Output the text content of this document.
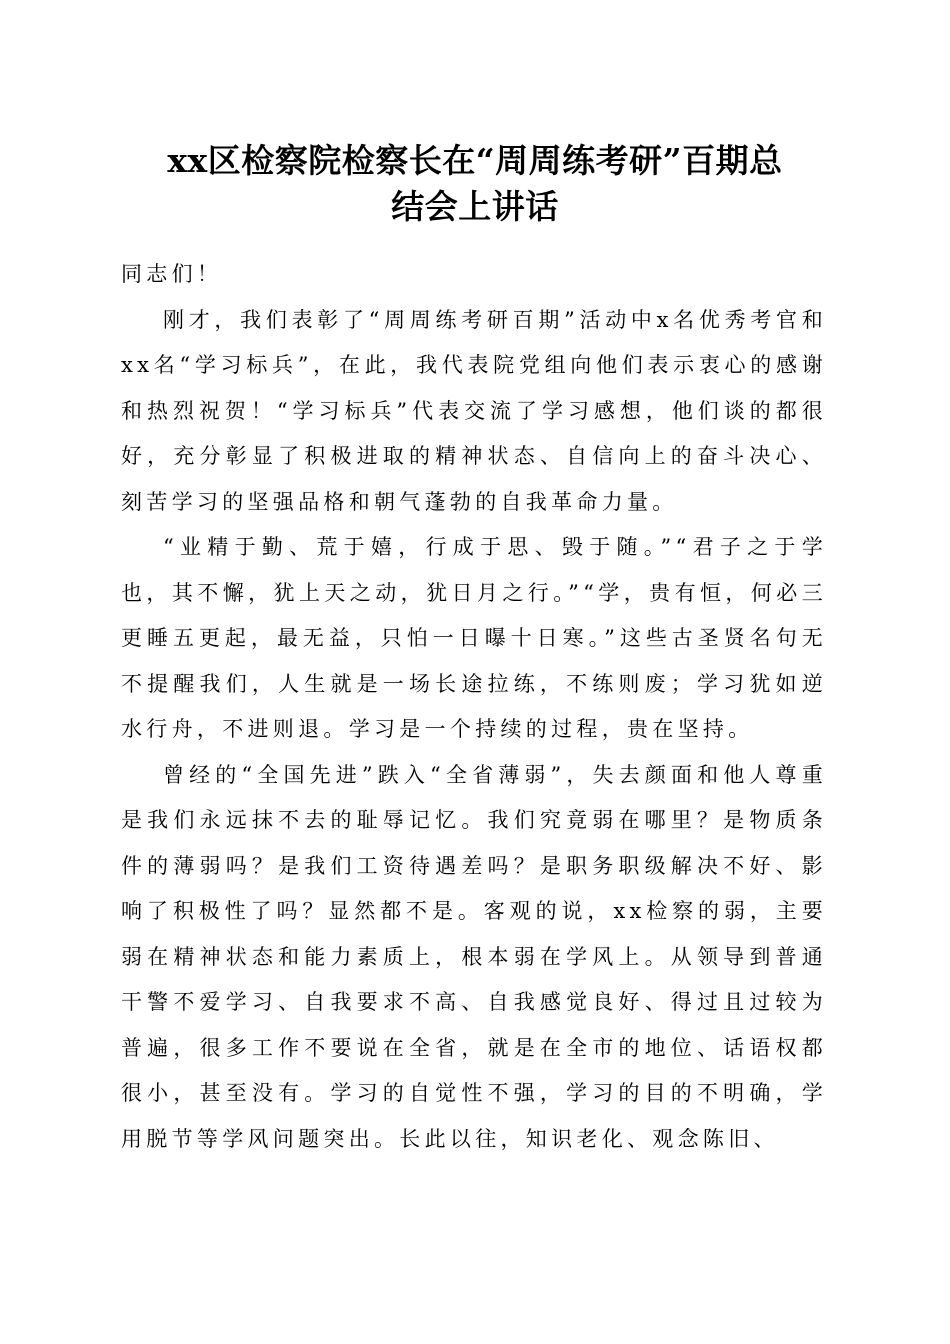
xx区检察院检察长在“周周练考研”百期总
结会上讲话

同志们！

刚才，我们表彰了“周周练考研百期”活动中x名优秀考官和xx名“学习标兵”，在此，我代表院党组向他们表示衷心的感谢和热烈祝贺！“学习标兵”代表交流了学习感想，他们谈的都很好，充分彰显了积极进取的精神状态、自信向上的奋斗决心、刻苦学习的坚强品格和朝气蓬勃的自我革命力量。

“业精于勤、荒于嬉，行成于思、毁于随。”“君子之于学也，其不懈，犹上天之动，犹日月之行。”“学，贵有恒，何必三更睡五更起，最无益，只怕一日曝十日寒。”这些古圣贤名句无不提醒我们，人生就是一场长途拉练，不练则废；学习犹如逆水行舟，不进则退。学习是一个持续的过程，贵在坚持。

曾经的“全国先进”跌入“全省薄弱”，失去颜面和他人尊重是我们永远抹不去的耻辱记忆。我们究竟弱在哪里？是物质条件的薄弱吗？是我们工资待遇差吗？是职务职级解决不好、影响了积极性了吗？显然都不是。客观的说，xx检察的弱，主要弱在精神状态和能力素质上，根本弱在学风上。从领导到普通干警不爱学习、自我要求不高、自我感觉良好、得过且过较为普遍，很多工作不要说在全省，就是在全市的地位、话语权都很小，甚至没有。学习的自觉性不强，学习的目的不明确，学用脱节等学风问题突出。长此以往，知识老化、观念陈旧、
